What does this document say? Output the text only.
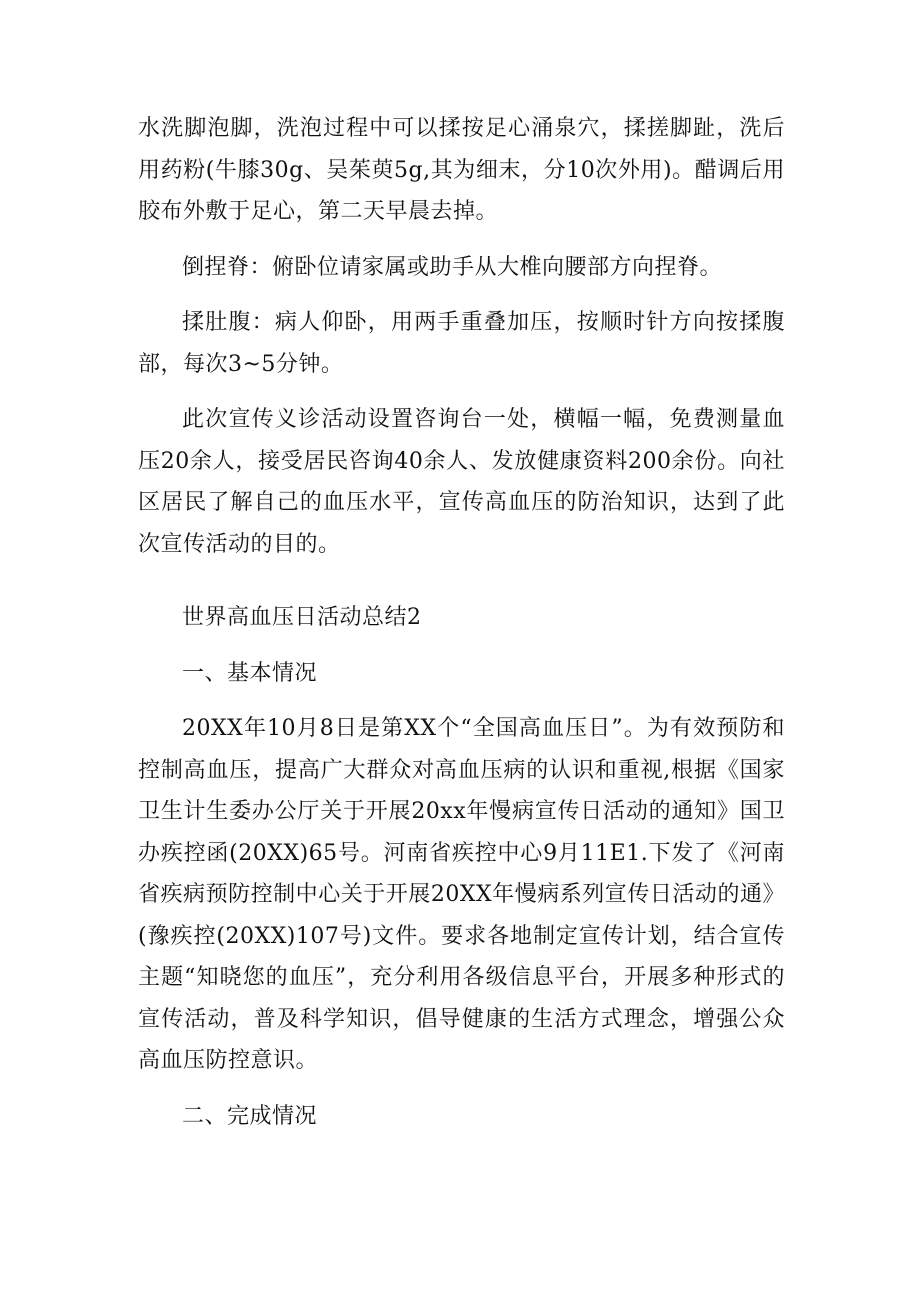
水洗脚泡脚，洗泡过程中可以揉按足心涌泉穴，揉搓脚趾，洗后用药粉(牛膝30g、吴茱萸5g,其为细末，分10次外用)。醋调后用胶布外敷于足心，第二天早晨去掉。

倒捏脊：俯卧位请家属或助手从大椎向腰部方向捏脊。

揉肚腹：病人仰卧，用两手重叠加压，按顺时针方向按揉腹部，每次3~5分钟。

此次宣传义诊活动设置咨询台一处，横幅一幅，免费测量血压20余人，接受居民咨询40余人、发放健康资料200余份。向社区居民了解自己的血压水平，宣传高血压的防治知识，达到了此次宣传活动的目的。

世界高血压日活动总结2

一、基本情况

20XX年10月8日是第XX个“全国高血压日”。为有效预防和控制高血压，提高广大群众对高血压病的认识和重视,根据《国家卫生计生委办公厅关于开展20xx年慢病宣传日活动的通知》国卫办疾控函(20XX)65号。河南省疾控中心9月11E1.下发了《河南省疾病预防控制中心关于开展20XX年慢病系列宣传日活动的通》(豫疾控(20XX)107号)文件。要求各地制定宣传计划，结合宣传主题“知晓您的血压”，充分利用各级信息平台，开展多种形式的宣传活动，普及科学知识，倡导健康的生活方式理念，增强公众高血压防控意识。

二、完成情况
